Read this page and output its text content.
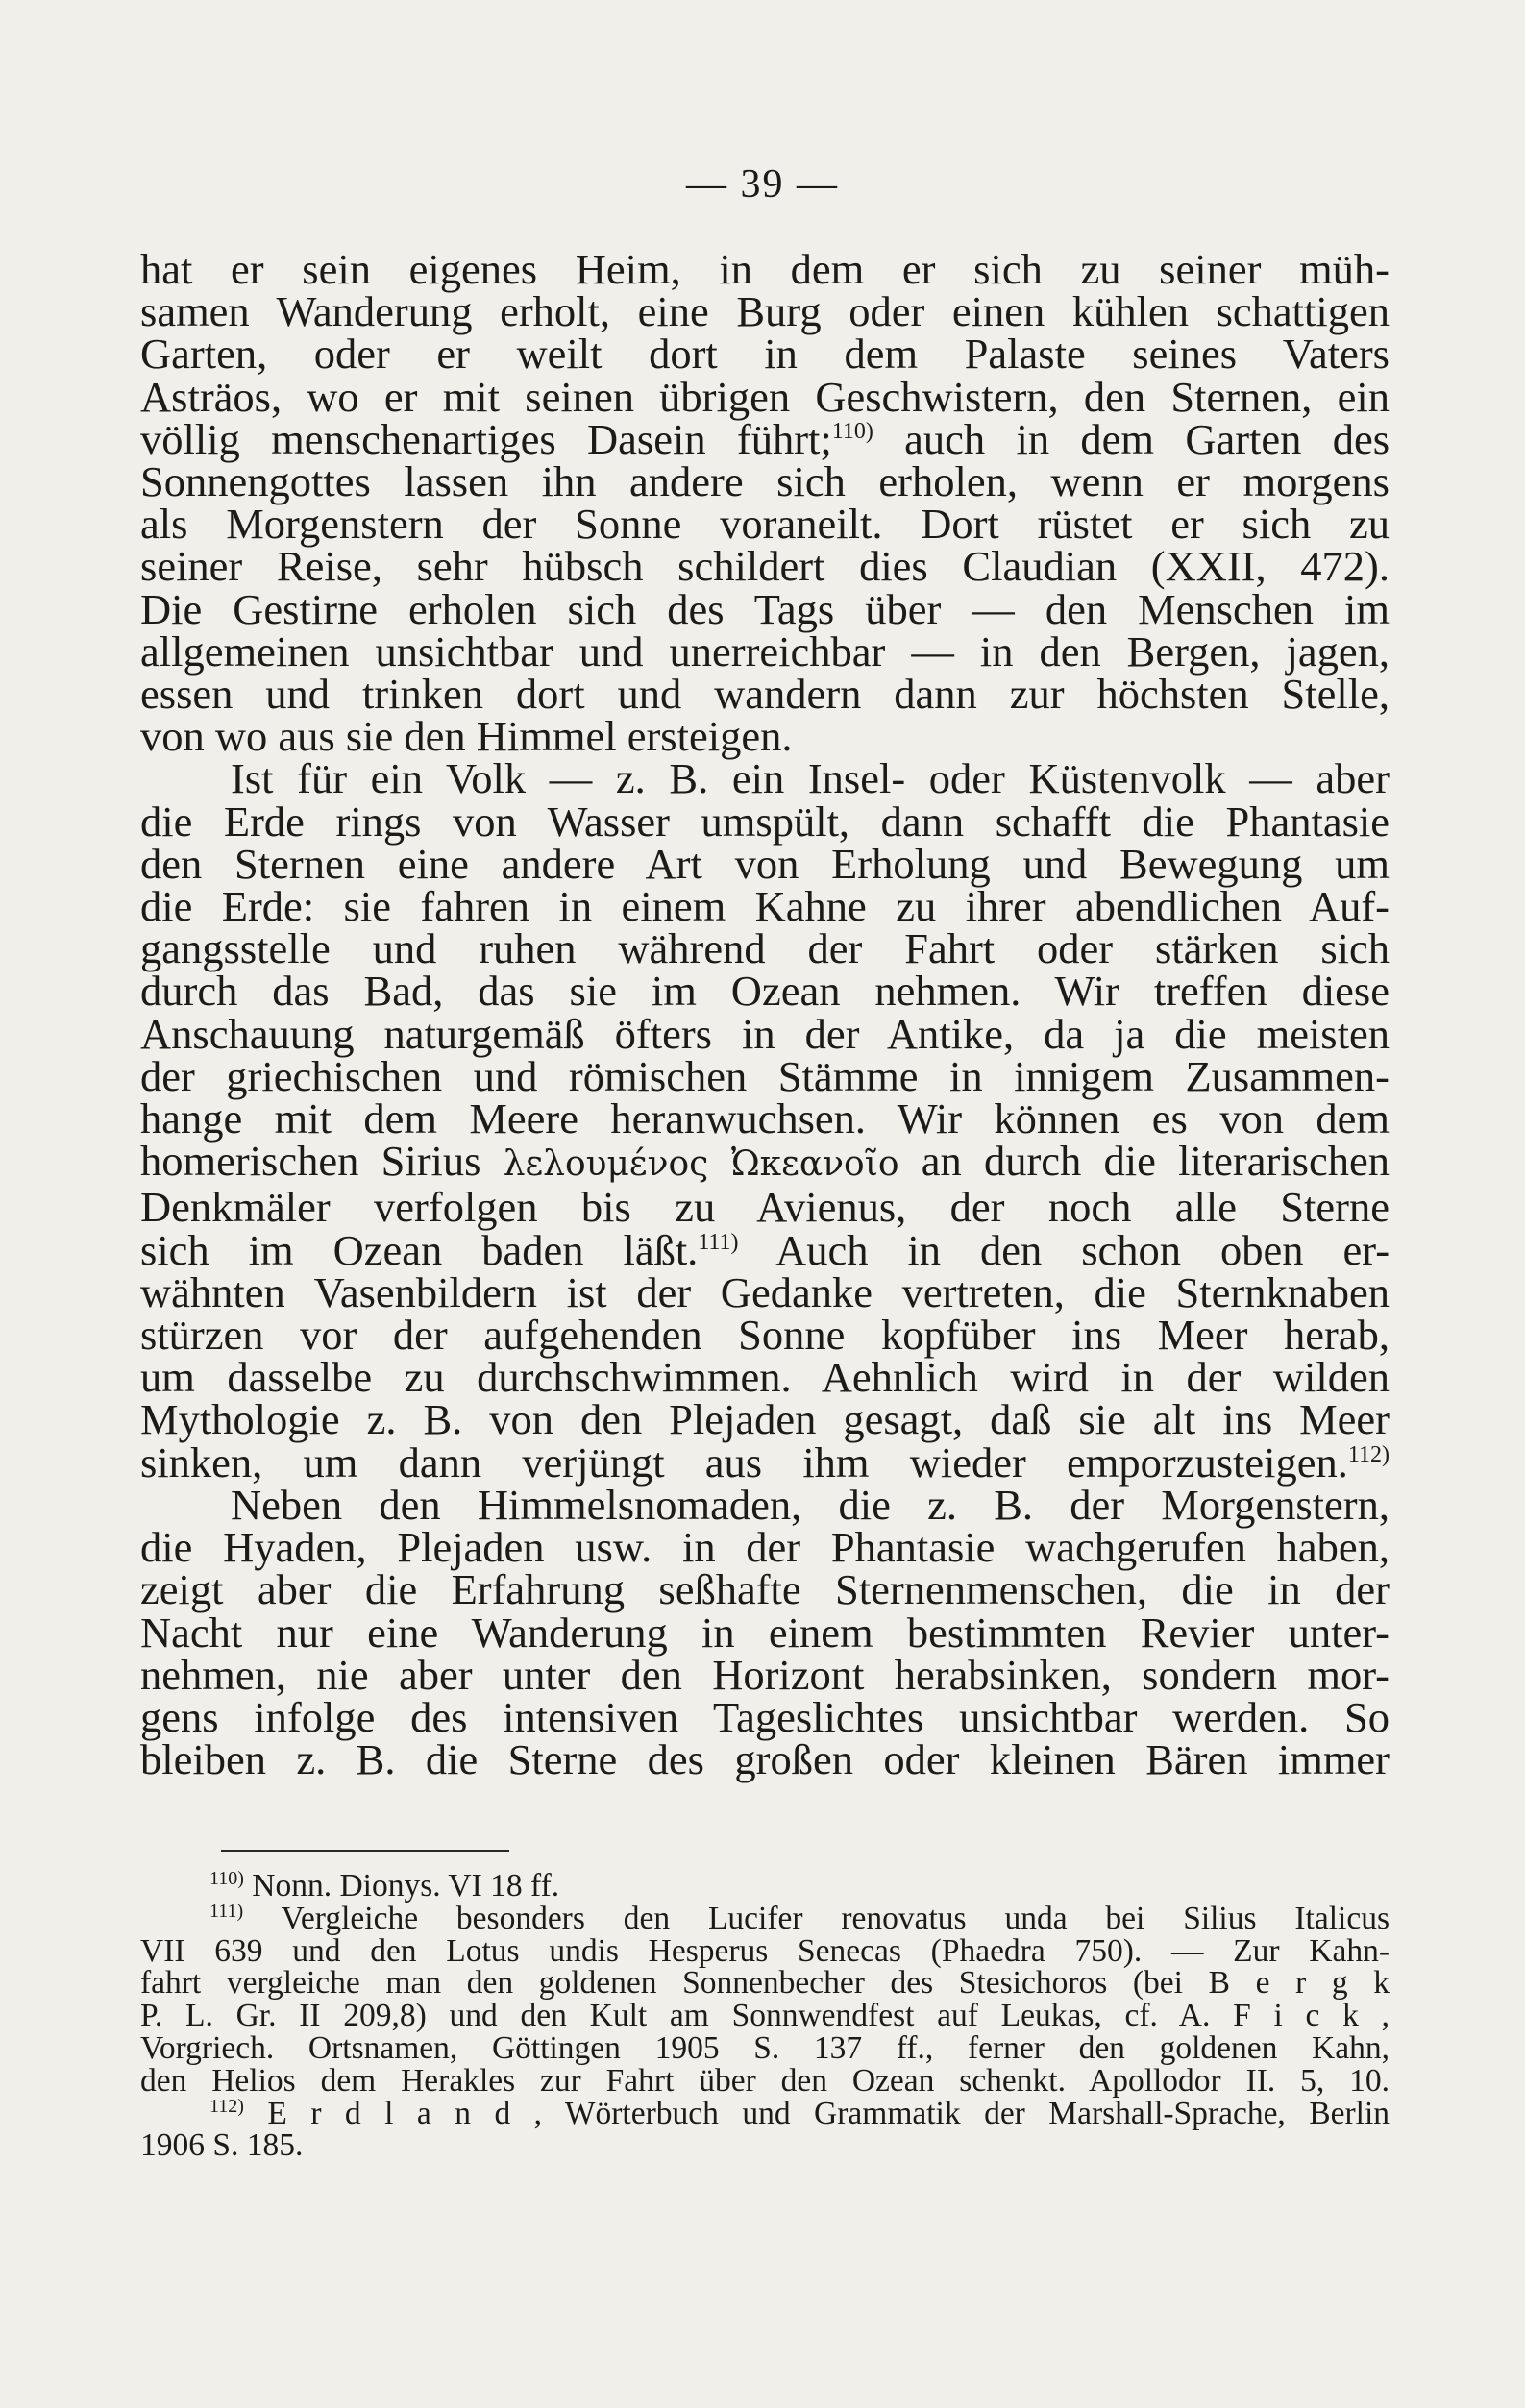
— 39 —

hat er sein eigenes Heim, in dem er sich zu seiner müh-
samen Wanderung erholt, eine Burg oder einen kühlen schattigen
Garten, oder er weilt dort in dem Palaste seines Vaters
Asträos, wo er mit seinen übrigen Geschwistern, den Sternen, ein
völlig menschenartiges Dasein führt;$^{110)}$ auch in dem Garten des
Sonnengottes lassen ihn andere sich erholen, wenn er morgens
als Morgenstern der Sonne voraneilt. Dort rüstet er sich zu
seiner Reise, sehr hübsch schildert dies Claudian (XXII, 472).
Die Gestirne erholen sich des Tags über — den Menschen im
allgemeinen unsichtbar und unerreichbar — in den Bergen, jagen,
essen und trinken dort und wandern dann zur höchsten Stelle,
von wo aus sie den Himmel ersteigen.

Ist für ein Volk — z. B. ein Insel- oder Küstenvolk — aber
die Erde rings von Wasser umspült, dann schafft die Phantasie
den Sternen eine andere Art von Erholung und Bewegung um
die Erde: sie fahren in einem Kahne zu ihrer abendlichen Auf-
gangsstelle und ruhen während der Fahrt oder stärken sich
durch das Bad, das sie im Ozean nehmen. Wir treffen diese
Anschauung naturgemäß öfters in der Antike, da ja die meisten
der griechischen und römischen Stämme in innigem Zusammen-
hange mit dem Meere heranwuchsen. Wir können es von dem
homerischen Sirius λελουμένος Ὠκεανοῖο an durch die literarischen
Denkmäler verfolgen bis zu Avienus, der noch alle Sterne
sich im Ozean baden läßt.$^{111)}$ Auch in den schon oben er-
wähnten Vasenbildern ist der Gedanke vertreten, die Sternknaben
stürzen vor der aufgehenden Sonne kopfüber ins Meer herab,
um dasselbe zu durchschwimmen. Aehnlich wird in der wilden
Mythologie z. B. von den Plejaden gesagt, daß sie alt ins Meer
sinken, um dann verjüngt aus ihm wieder emporzusteigen.$^{112)}$

Neben den Himmelsnomaden, die z. B. der Morgenstern,
die Hyaden, Plejaden usw. in der Phantasie wachgerufen haben,
zeigt aber die Erfahrung seßhafte Sternenmenschen, die in der
Nacht nur eine Wanderung in einem bestimmten Revier unter-
nehmen, nie aber unter den Horizont herabsinken, sondern mor-
gens infolge des intensiven Tageslichtes unsichtbar werden. So
bleiben z. B. die Sterne des großen oder kleinen Bären immer

$^{110)}$ Nonn. Dionys. VI 18 ff.
$^{111)}$ Vergleiche besonders den Lucifer renovatus unda bei Silius Italicus
VII 639 und den Lotus undis Hesperus Senecas (Phaedra 750). — Zur Kahn-
fahrt vergleiche man den goldenen Sonnenbecher des Stesichoros (bei B e r g k
P. L. Gr. II 209,8) und den Kult am Sonnwendfest auf Leukas, cf. A. F i c k ,
Vorgriech. Ortsnamen, Göttingen 1905 S. 137 ff., ferner den goldenen Kahn,
den Helios dem Herakles zur Fahrt über den Ozean schenkt. Apollodor II. 5, 10.
$^{112)}$ E r d l a n d , Wörterbuch und Grammatik der Marshall-Sprache, Berlin
1906 S. 185.
